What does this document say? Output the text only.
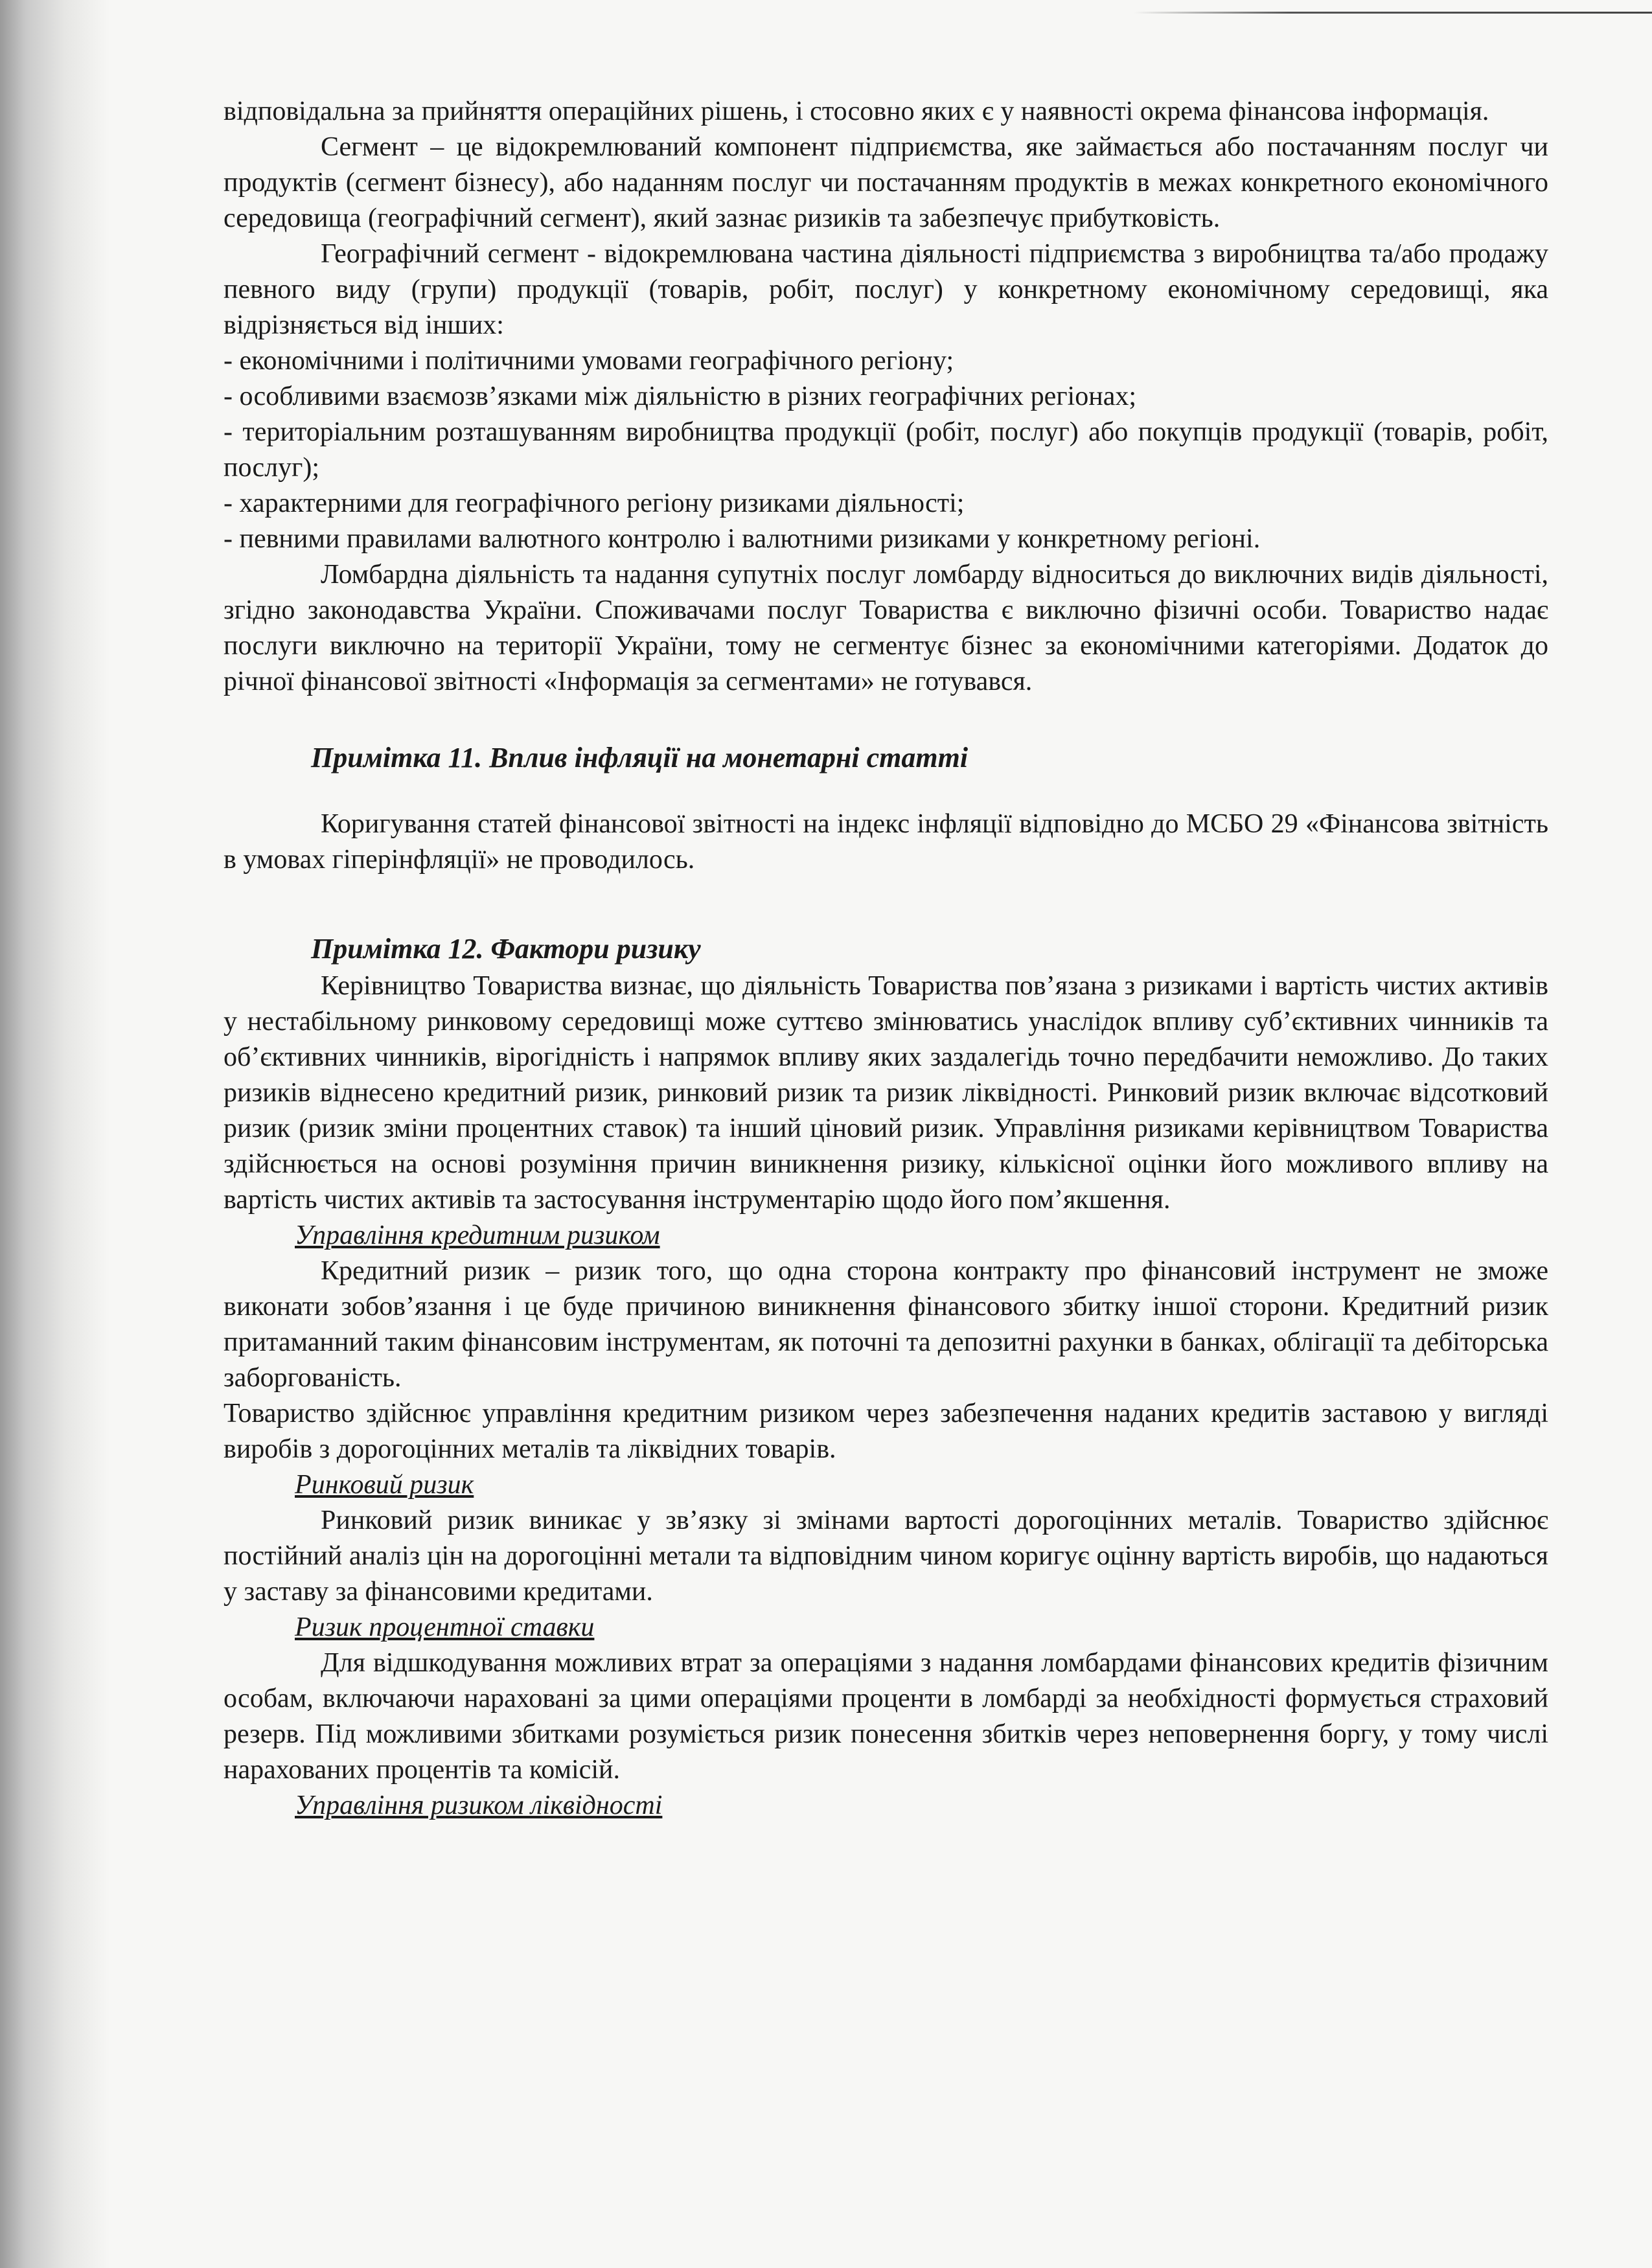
відповідальна за прийняття операційних рішень, і стосовно яких є у наявності окрема фінансова інформація.

Сегмент – це відокремлюваний компонент підприємства, яке займається або постачанням послуг чи продуктів (сегмент бізнесу), або наданням послуг чи постачанням продуктів в межах конкретного економічного середовища (географічний сегмент), який зазнає ризиків та забезпечує прибутковість.

Географічний сегмент - відокремлювана частина діяльності підприємства з виробництва та/або продажу певного виду (групи) продукції (товарів, робіт, послуг) у конкретному економічному середовищі, яка відрізняється від інших:

- економічними і політичними умовами географічного регіону;

- особливими взаємозв’язками між діяльністю в різних географічних регіонах;

- територіальним розташуванням виробництва продукції (робіт, послуг) або покупців продукції (товарів, робіт, послуг);

- характерними для географічного регіону ризиками діяльності;

- певними правилами валютного контролю і валютними ризиками у конкретному регіоні.

Ломбардна діяльність та надання супутніх послуг ломбарду відноситься до виключних видів діяльності, згідно законодавства України. Споживачами послуг Товариства є виключно фізичні особи. Товариство надає послуги виключно на території України, тому не сегментує бізнес за економічними категоріями. Додаток до річної фінансової звітності «Інформація за сегментами» не готувався.

Примітка 11. Вплив інфляції на монетарні статті

Коригування статей фінансової звітності на індекс інфляції відповідно до МСБО 29 «Фінансова звітність в умовах гіперінфляції» не проводилось.

Примітка 12. Фактори ризику

Керівництво Товариства визнає, що діяльність Товариства пов’язана з ризиками і вартість чистих активів у нестабільному ринковому середовищі може суттєво змінюватись унаслідок впливу суб’єктивних чинників та об’єктивних чинників, вірогідність і напрямок впливу яких заздалегідь точно передбачити неможливо. До таких ризиків віднесено кредитний ризик, ринковий ризик та ризик ліквідності. Ринковий ризик включає відсотковий ризик (ризик зміни процентних ставок) та інший ціновий ризик. Управління ризиками керівництвом Товариства здійснюється на основі розуміння причин виникнення ризику, кількісної оцінки його можливого впливу на вартість чистих активів та застосування інструментарію щодо його пом’якшення.

Управління кредитним ризиком

Кредитний ризик – ризик того, що одна сторона контракту про фінансовий інструмент не зможе виконати зобов’язання і це буде причиною виникнення фінансового збитку іншої сторони. Кредитний ризик притаманний таким фінансовим інструментам, як поточні та депозитні рахунки в банках, облігації та дебіторська заборгованість.

Товариство здійснює управління кредитним ризиком через забезпечення наданих кредитів заставою у вигляді виробів з дорогоцінних металів та ліквідних товарів.

Ринковий ризик

Ринковий ризик виникає у зв’язку зі змінами вартості дорогоцінних металів. Товариство здійснює постійний аналіз цін на дорогоцінні метали та відповідним чином коригує оцінну вартість виробів, що надаються у заставу за фінансовими кредитами.

Ризик процентної ставки

Для відшкодування можливих втрат за операціями з надання ломбардами фінансових кредитів фізичним особам, включаючи нараховані за цими операціями проценти в ломбарді за необхідності формується страховий резерв. Під можливими збитками розуміється ризик понесення збитків через неповернення боргу, у тому числі нарахованих процентів та комісій.

Управління ризиком ліквідності
